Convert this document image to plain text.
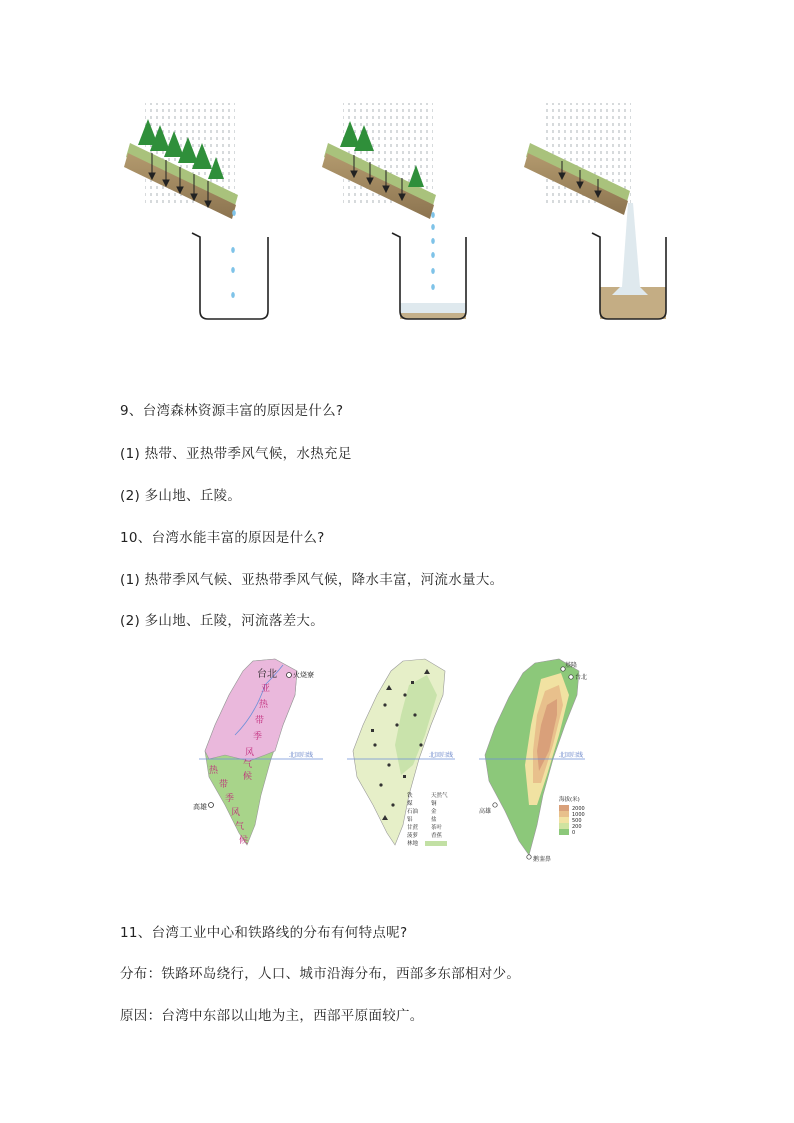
9、台湾森林资源丰富的原因是什么?
(1) 热带、亚热带季风气候，水热充足
(2) 多山地、丘陵。
10、台湾水能丰富的原因是什么?
(1) 热带季风气候、亚热带季风气候，降水丰富，河流水量大。
(2) 多山地、丘陵，河流落差大。
台北 火烧寮
高雄
亚
热
带
季
风
气
候
热
带
季
风
气
候
北回归线	北回归线
铁	天然气
煤	铜
石油 金
铝	盐
甘蔗 茶叶
菠萝 香蕉
林地
北回归线
基隆
台北
高雄
鹅銮鼻
海拔(米)
2000
1000
500
200
0
11、台湾工业中心和铁路线的分布有何特点呢?
分布：铁路环岛绕行，人口、城市沿海分布，西部多东部相对少。
原因：台湾中东部以山地为主，西部平原面较广。
